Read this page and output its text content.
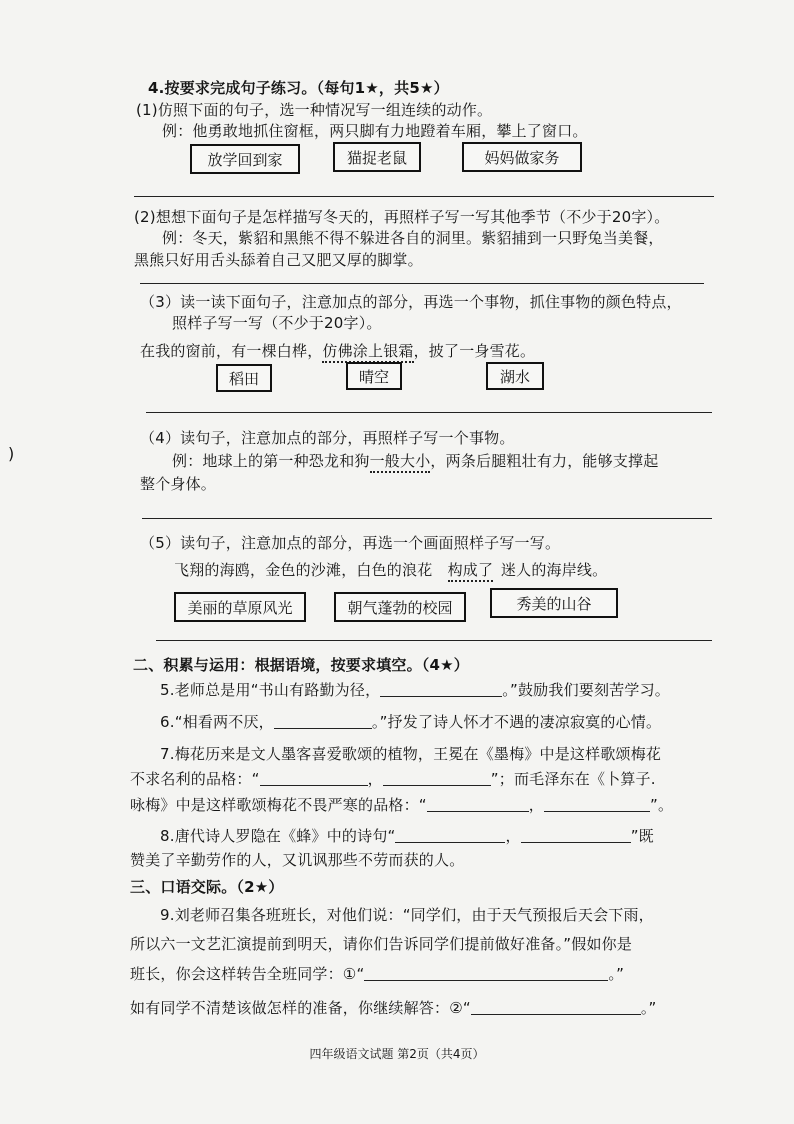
4.按要求完成句子练习。（每句1★，共5★）
(1)仿照下面的句子，选一种情况写一组连续的动作。
例：他勇敢地抓住窗框，两只脚有力地蹬着车厢，攀上了窗口。
放学回到家	猫捉老鼠	妈妈做家务
(2)想想下面句子是怎样描写冬天的，再照样子写一写其他季节（不少于20字）。
例：冬天，紫貂和黑熊不得不躲进各自的洞里。紫貂捕到一只野兔当美餐，
黑熊只好用舌头舔着自己又肥又厚的脚掌。
（3）读一读下面句子，注意加点的部分，再选一个事物，抓住事物的颜色特点，
照样子写一写（不少于20字）。
在我的窗前，有一棵白桦，仿佛涂上银霜，披了一身雪花。
稻田	晴空	湖水
)
（4）读句子，注意加点的部分，再照样子写一个事物。
例：地球上的第一种恐龙和狗一般大小，两条后腿粗壮有力，能够支撑起
整个身体。
（5）读句子，注意加点的部分，再选一个画面照样子写一写。
飞翔的海鸥，金色的沙滩，白色的浪花  构成了  迷人的海岸线。
美丽的草原风光	朝气蓬勃的校园	秀美的山谷
二、积累与运用：根据语境，按要求填空。（4★）
5.老师总是用“书山有路勤为径，	。”鼓励我们要刻苦学习。
6.“相看两不厌，	。”抒发了诗人怀才不遇的凄凉寂寞的心情。
7.梅花历来是文人墨客喜爱歌颂的植物，王冕在《墨梅》中是这样歌颂梅花
不求名利的品格：“	，	”；而毛泽东在《卜算子.
咏梅》中是这样歌颂梅花不畏严寒的品格：“	，	”。
8.唐代诗人罗隐在《蜂》中的诗句“	，	”既
赞美了辛勤劳作的人，又讥讽那些不劳而获的人。
三、口语交际。（2★）
9.刘老师召集各班班长，对他们说：“同学们，由于天气预报后天会下雨，
所以六一文艺汇演提前到明天，请你们告诉同学们提前做好准备。”假如你是
班长，你会这样转告全班同学：①“	。”
如有同学不清楚该做怎样的准备，你继续解答：②“	。”
四年级语文试题 第2页（共4页）
